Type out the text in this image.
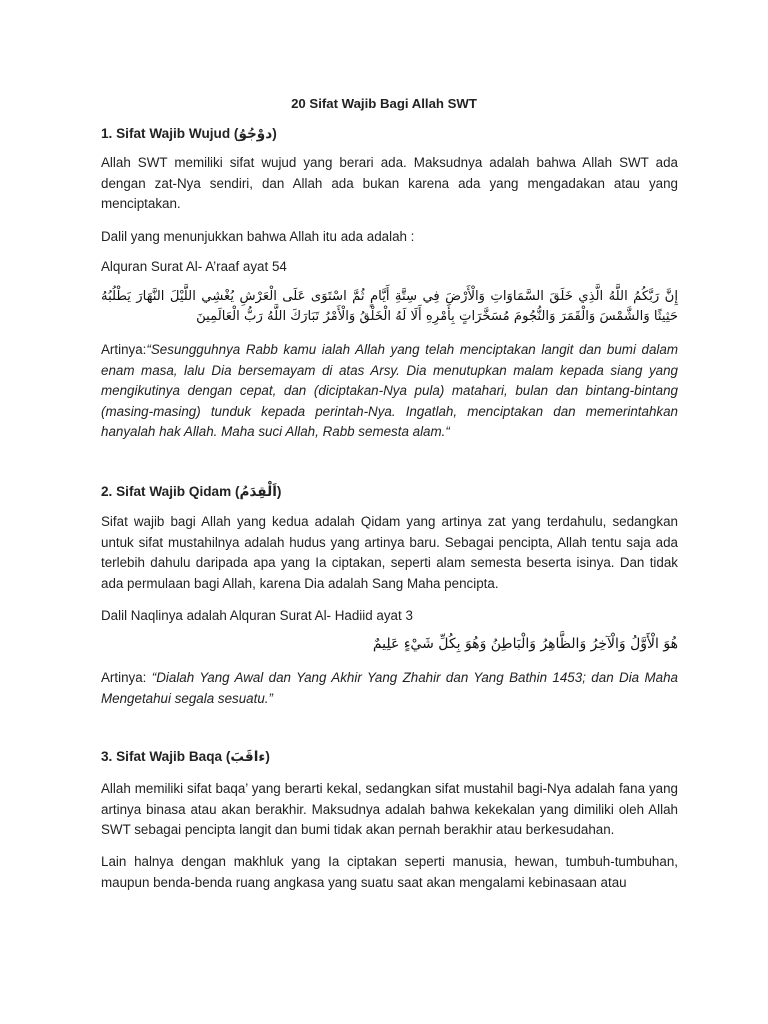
20 Sifat Wajib Bagi Allah SWT

1. Sifat Wajib Wujud (دوْجُوُ)

Allah SWT memiliki sifat wujud yang berari ada. Maksudnya adalah bahwa Allah SWT ada dengan zat-Nya sendiri, dan Allah ada bukan karena ada yang mengadakan atau yang menciptakan.

Dalil yang menunjukkan bahwa Allah itu ada adalah :

Alquran Surat Al- A’raaf ayat 54

إِنَّ رَبَّكُمُ اللَّهُ الَّذِي خَلَقَ السَّمَاوَاتِ وَالْأَرْضَ فِي سِتَّةِ أَيَّامٍ ثُمَّ اسْتَوَى عَلَى الْعَرْشِ يُغْشِي اللَّيْلَ النَّهَارَ يَطْلُبُهُ حَثِيثًا وَالشَّمْسَ وَالْقَمَرَ وَالنُّجُومَ مُسَخَّرَاتٍ بِأَمْرِهِ أَلَا لَهُ الْخَلْقُ وَالْأَمْرُ تَبَارَكَ اللَّهُ رَبُّ الْعَالَمِينَ

Artinya:“Sesungguhnya Rabb kamu ialah Allah yang telah menciptakan langit dan bumi dalam enam masa, lalu Dia bersemayam di atas Arsy. Dia menutupkan malam kepada siang yang mengikutinya dengan cepat, dan (diciptakan-Nya pula) matahari, bulan dan bintang-bintang (masing-masing) tunduk kepada perintah-Nya. Ingatlah, menciptakan dan memerintahkan hanyalah hak Allah. Maha suci Allah, Rabb semesta alam.“

2. Sifat Wajib Qidam (اَلْقِدَمُ)

Sifat wajib bagi Allah yang kedua adalah Qidam yang artinya zat yang terdahulu, sedangkan untuk sifat mustahilnya adalah hudus yang artinya baru. Sebagai pencipta, Allah tentu saja ada terlebih dahulu daripada apa yang Ia ciptakan, seperti alam semesta beserta isinya. Dan tidak ada permulaan bagi Allah, karena Dia adalah Sang Maha pencipta.

Dalil Naqlinya adalah Alquran Surat Al- Hadiid ayat 3

هُوَ الْأَوَّلُ وَالْآخِرُ وَالظَّاهِرُ وَالْبَاطِنُ وَهُوَ بِكُلِّ شَيْءٍ عَلِيمٌ

Artinya: “Dialah Yang Awal dan Yang Akhir Yang Zhahir dan Yang Bathin 1453; dan Dia Maha Mengetahui segala sesuatu.”

3. Sifat Wajib Baqa (ءاقَبَ)

Allah memiliki sifat baqa’ yang berarti kekal, sedangkan sifat mustahil bagi-Nya adalah fana yang artinya binasa atau akan berakhir. Maksudnya adalah bahwa kekekalan yang dimiliki oleh Allah SWT sebagai pencipta langit dan bumi tidak akan pernah berakhir atau berkesudahan.

Lain halnya dengan makhluk yang Ia ciptakan seperti manusia, hewan, tumbuh-tumbuhan, maupun benda-benda ruang angkasa yang suatu saat akan mengalami kebinasaan atau
